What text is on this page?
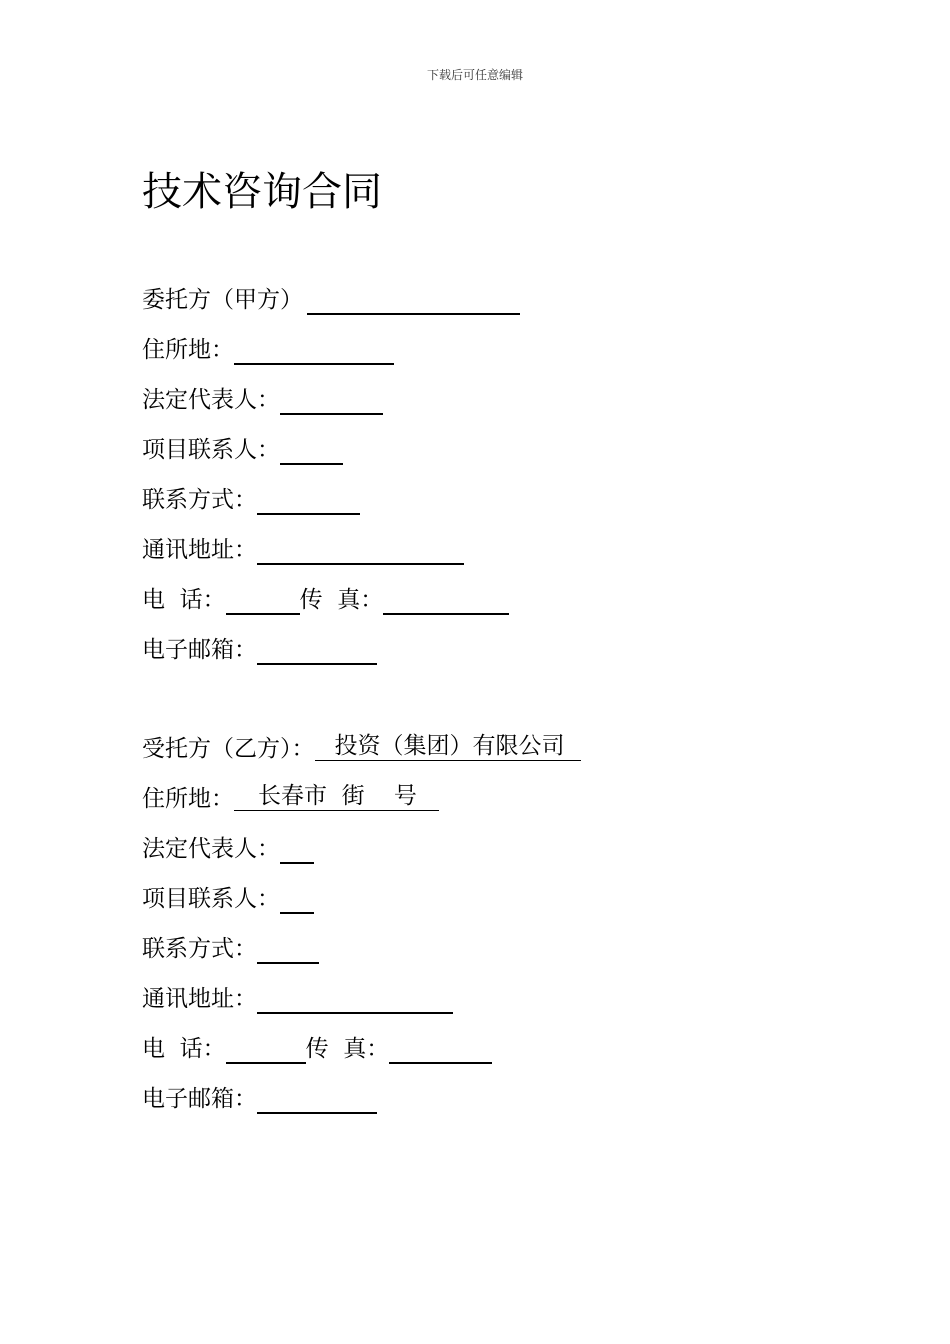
下载后可任意编辑
技术咨询合同
委托方（甲方）
住所地：
法定代表人：
项目联系人：
联系方式：
通讯地址：
电  话：	传  真：
电子邮箱：
受托方（乙方）： 投资（集团）有限公司
住所地：	长春市  街    号
法定代表人：
项目联系人：
联系方式：
通讯地址：
电  话：	传  真：
电子邮箱：
